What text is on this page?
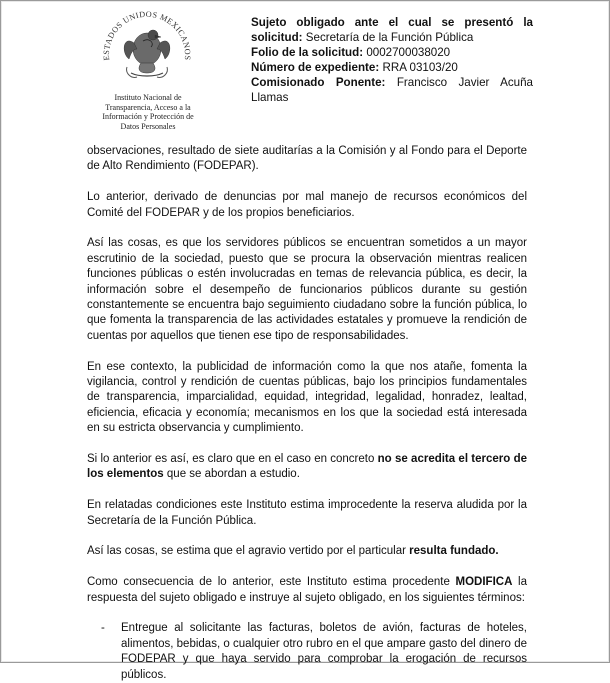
ESTADOS UNIDOS MEXICANOS
Instituto Nacional de
Transparencia, Acceso a la
Información y Protección de
Datos Personales

Sujeto obligado ante el cual se presentó la solicitud: Secretaría de la Función Pública

Folio de la solicitud: 0002700038020

Número de expediente: RRA 03103/20

Comisionado Ponente: Francisco Javier Acuña Llamas

observaciones, resultado de siete auditarías a la Comisión y al Fondo para el Deporte de Alto Rendimiento (FODEPAR).

Lo anterior, derivado de denuncias por mal manejo de recursos económicos del Comité del FODEPAR y de los propios beneficiarios.

Así las cosas, es que los servidores públicos se encuentran sometidos a un mayor escrutinio de la sociedad, puesto que se procura la observación mientras realicen funciones públicas o estén involucradas en temas de relevancia pública, es decir, la información sobre el desempeño de funcionarios públicos durante su gestión constantemente se encuentra bajo seguimiento ciudadano sobre la función pública, lo que fomenta la transparencia de las actividades estatales y promueve la rendición de cuentas por aquellos que tienen ese tipo de responsabilidades.

En ese contexto, la publicidad de información como la que nos atañe, fomenta la vigilancia, control y rendición de cuentas públicas, bajo los principios fundamentales de transparencia, imparcialidad, equidad, integridad, legalidad, honradez, lealtad, eficiencia, eficacia y economía; mecanismos en los que la sociedad está interesada en su estricta observancia y cumplimiento.

Si lo anterior es así, es claro que en el caso en concreto no se acredita el tercero de los elementos que se abordan a estudio.

En relatadas condiciones este Instituto estima improcedente la reserva aludida por la Secretaría de la Función Pública.

Así las cosas, se estima que el agravio vertido por el particular resulta fundado.

Como consecuencia de lo anterior, este Instituto estima procedente MODIFICA la respuesta del sujeto obligado e instruye al sujeto obligado, en los siguientes términos:

- Entregue al solicitante las facturas, boletos de avión, facturas de hoteles, alimentos, bebidas, o cualquier otro rubro en el que ampare gasto del dinero de FODEPAR y que haya servido para comprobar la erogación de recursos públicos.
